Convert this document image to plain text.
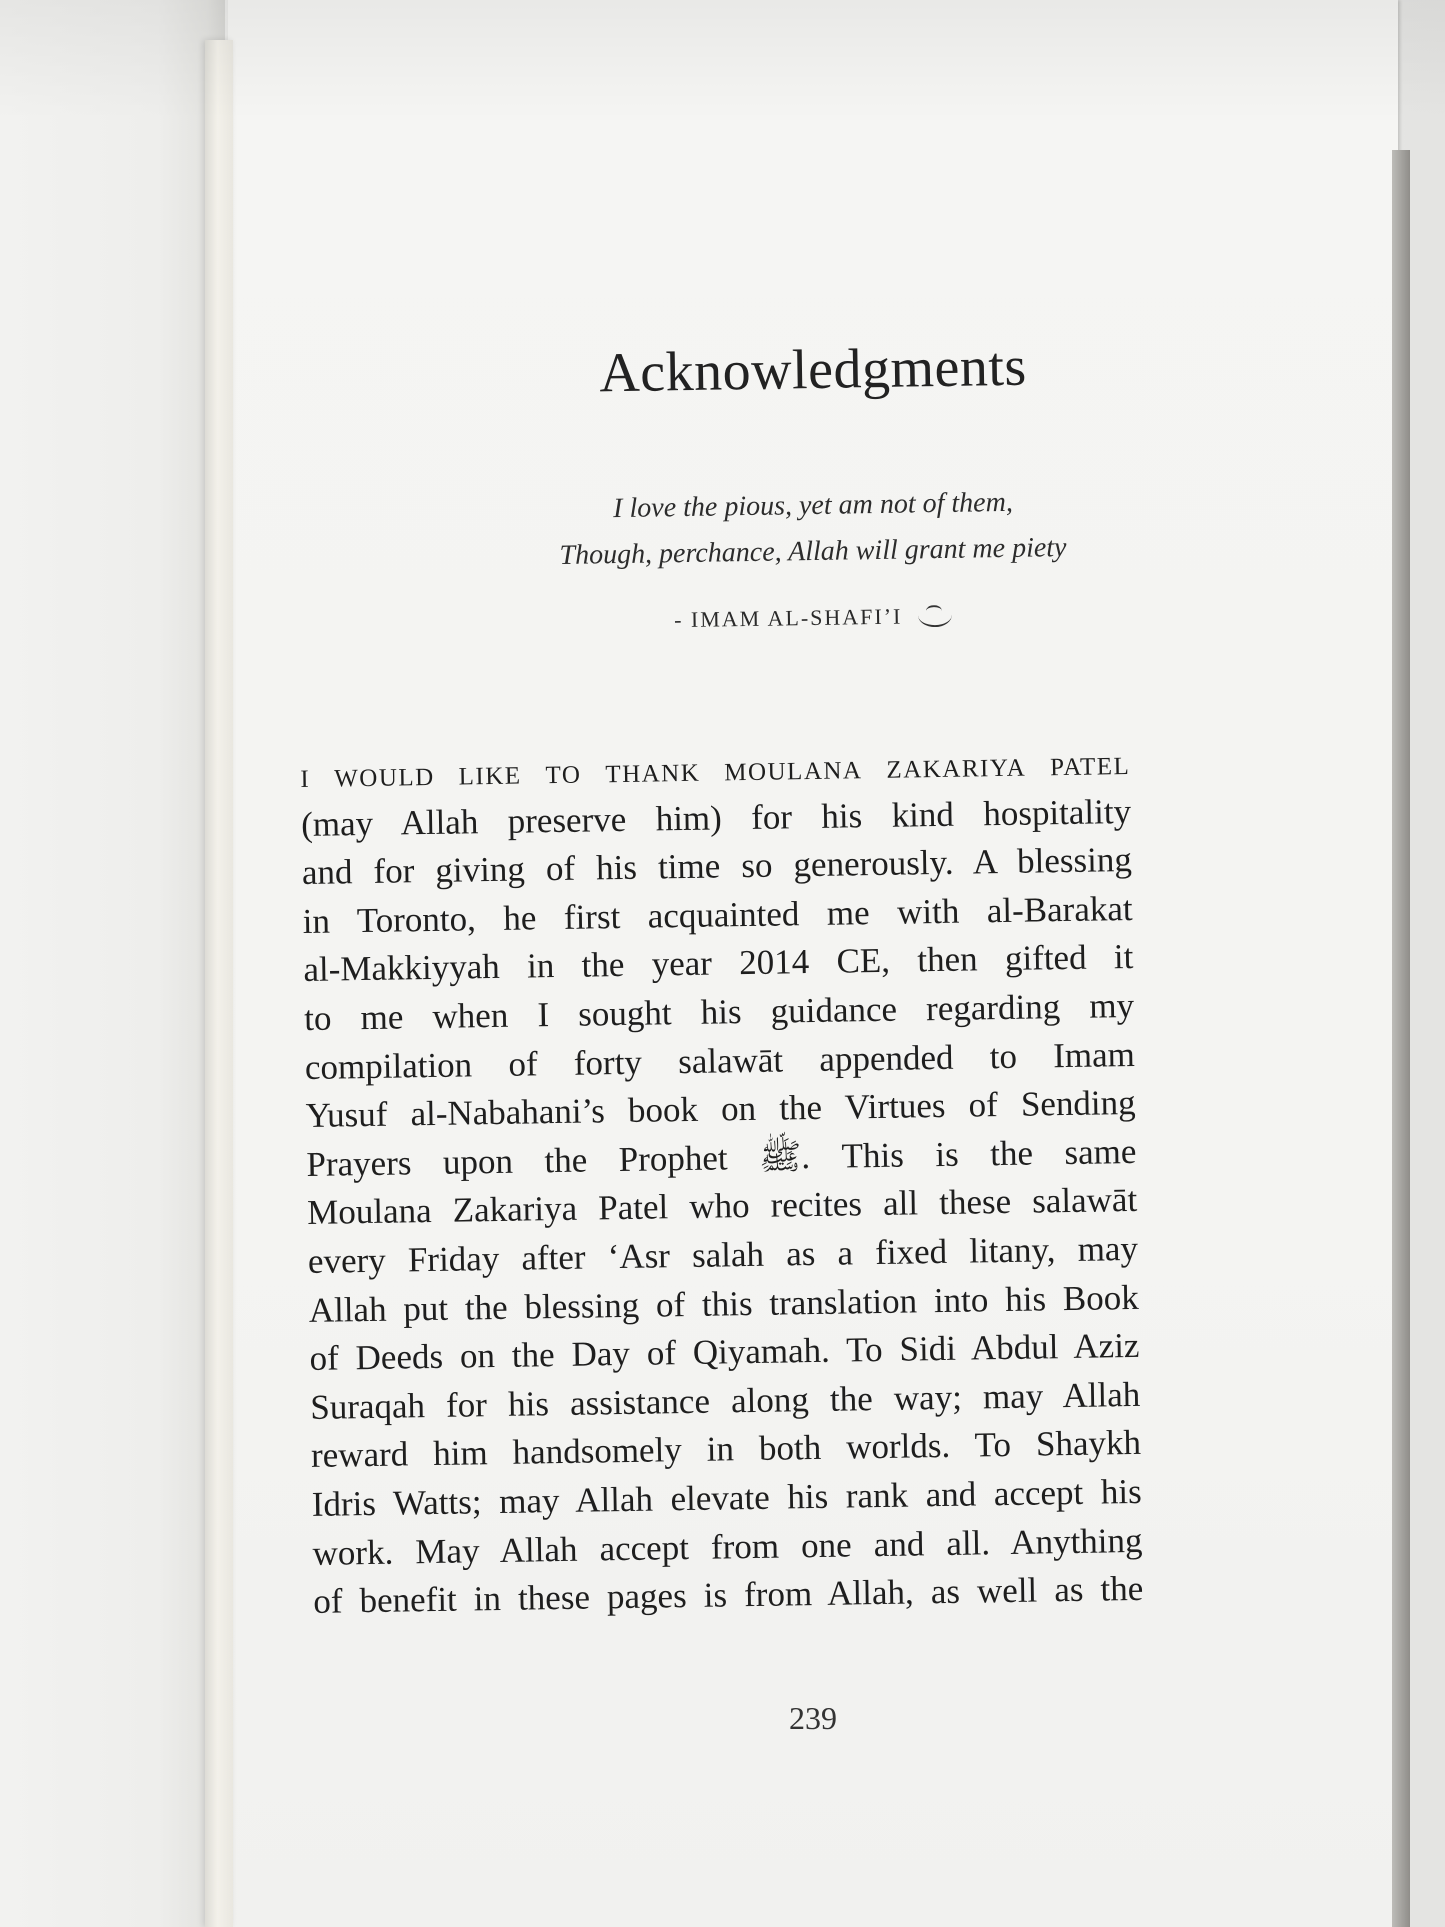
Acknowledgments
I love the pious, yet am not of them,
Though, perchance, Allah will grant me piety
- IMAM AL-SHAFI’I
i would like to thank moulana zakariya patel
(may Allah preserve him) for his kind hospitality
and for giving of his time so generously. A blessing
in Toronto, he first acquainted me with al-Barakat
al-Makkiyyah in the year 2014 CE, then gifted it
to me when I sought his guidance regarding my
compilation of forty salawāt appended to Imam
Yusuf al-Nabahani’s book on the Virtues of Sending
Prayers upon the Prophet ﷺ. This is the same
Moulana Zakariya Patel who recites all these salawāt
every Friday after ‘Asr salah as a fixed litany, may
Allah put the blessing of this translation into his Book
of Deeds on the Day of Qiyamah. To Sidi Abdul Aziz
Suraqah for his assistance along the way; may Allah
reward him handsomely in both worlds. To Shaykh
Idris Watts; may Allah elevate his rank and accept his
work. May Allah accept from one and all. Anything
of benefit in these pages is from Allah, as well as the
239
